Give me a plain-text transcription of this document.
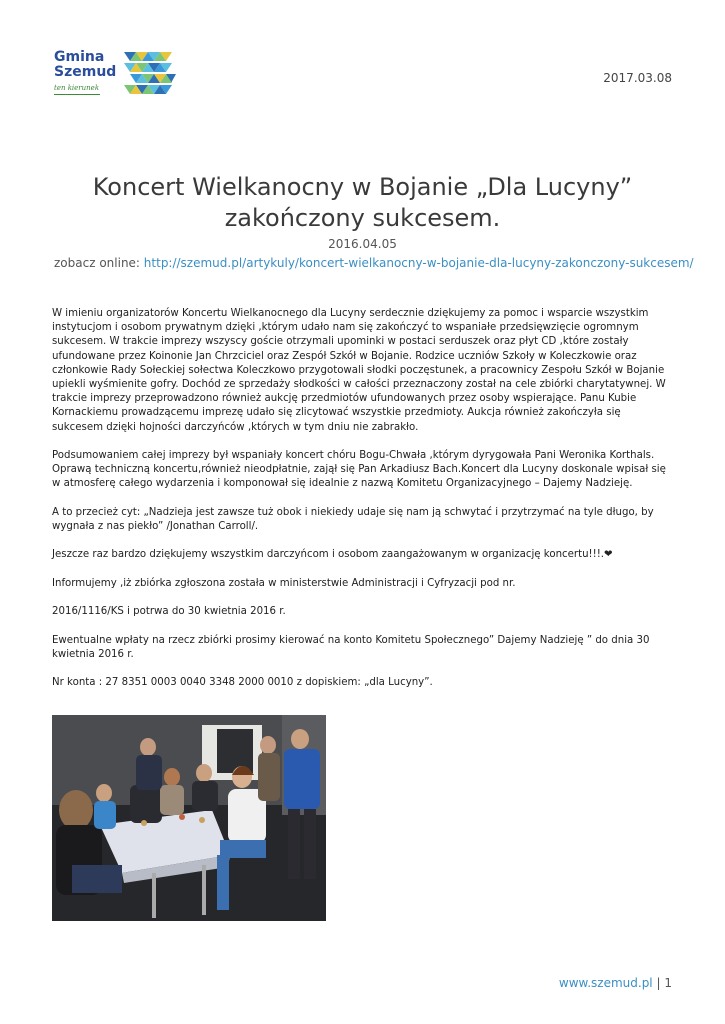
Gmina
Szemud
ten kierunek
2017.03.08
Koncert Wielkanocny w Bojanie „Dla Lucyny” zakończony sukcesem.
2016.04.05
zobacz online: http://szemud.pl/artykuly/koncert-wielkanocny-w-bojanie-dla-lucyny-zakonczony-sukcesem/

W imieniu organizatorów Koncertu Wielkanocnego dla Lucyny serdecznie dziękujemy za pomoc i wsparcie wszystkim instytucjom i osobom prywatnym dzięki ,którym udało nam się zakończyć to wspaniałe przedsięwzięcie ogromnym sukcesem. W trakcie imprezy wszyscy goście otrzymali upominki w postaci serduszek oraz płyt CD ,które zostały ufundowane przez Koinonie Jan Chrzciciel oraz Zespół Szkół w Bojanie. Rodzice uczniów Szkoły w Koleczkowie oraz członkowie Rady Sołeckiej sołectwa Koleczkowo przygotowali słodki poczęstunek, a pracownicy Zespołu Szkół w Bojanie upiekli wyśmienite gofry. Dochód ze sprzedaży słodkości w całości przeznaczony został na cele zbiórki charytatywnej. W trakcie imprezy przeprowadzono również aukcję przedmiotów ufundowanych przez osoby wspierające. Panu Kubie Kornackiemu prowadzącemu imprezę udało się zlicytować wszystkie przedmioty. Aukcja również zakończyła się sukcesem dzięki hojności darczyńców ,których w tym dniu nie zabrakło.

Podsumowaniem całej imprezy był wspaniały koncert chóru Bogu-Chwała ,którym dyrygowała Pani Weronika Korthals. Oprawą techniczną koncertu,również nieodpłatnie, zajął się Pan Arkadiusz Bach.Koncert dla Lucyny doskonale wpisał się w atmosferę całego wydarzenia i komponował się idealnie z nazwą Komitetu Organizacyjnego – Dajemy Nadzieję.

A to przecież cyt: „Nadzieja jest zawsze tuż obok i niekiedy udaje się nam ją schwytać i przytrzymać na tyle długo, by wygnała z nas piekło” /Jonathan Carroll/.

Jeszcze raz bardzo dziękujemy wszystkim darczyńcom i osobom zaangażowanym w organizację koncertu!!!.❤

Informujemy ,iż zbiórka zgłoszona została w ministerstwie Administracji i Cyfryzacji pod nr.

2016/1116/KS i potrwa do 30 kwietnia 2016 r.

Ewentualne wpłaty na rzecz zbiórki prosimy kierować na konto Komitetu Społecznego” Dajemy Nadzieję ” do dnia 30 kwietnia 2016 r.

Nr konta : 27 8351 0003 0040 3348 2000 0010 z dopiskiem: „dla Lucyny”.

www.szemud.pl | 1
